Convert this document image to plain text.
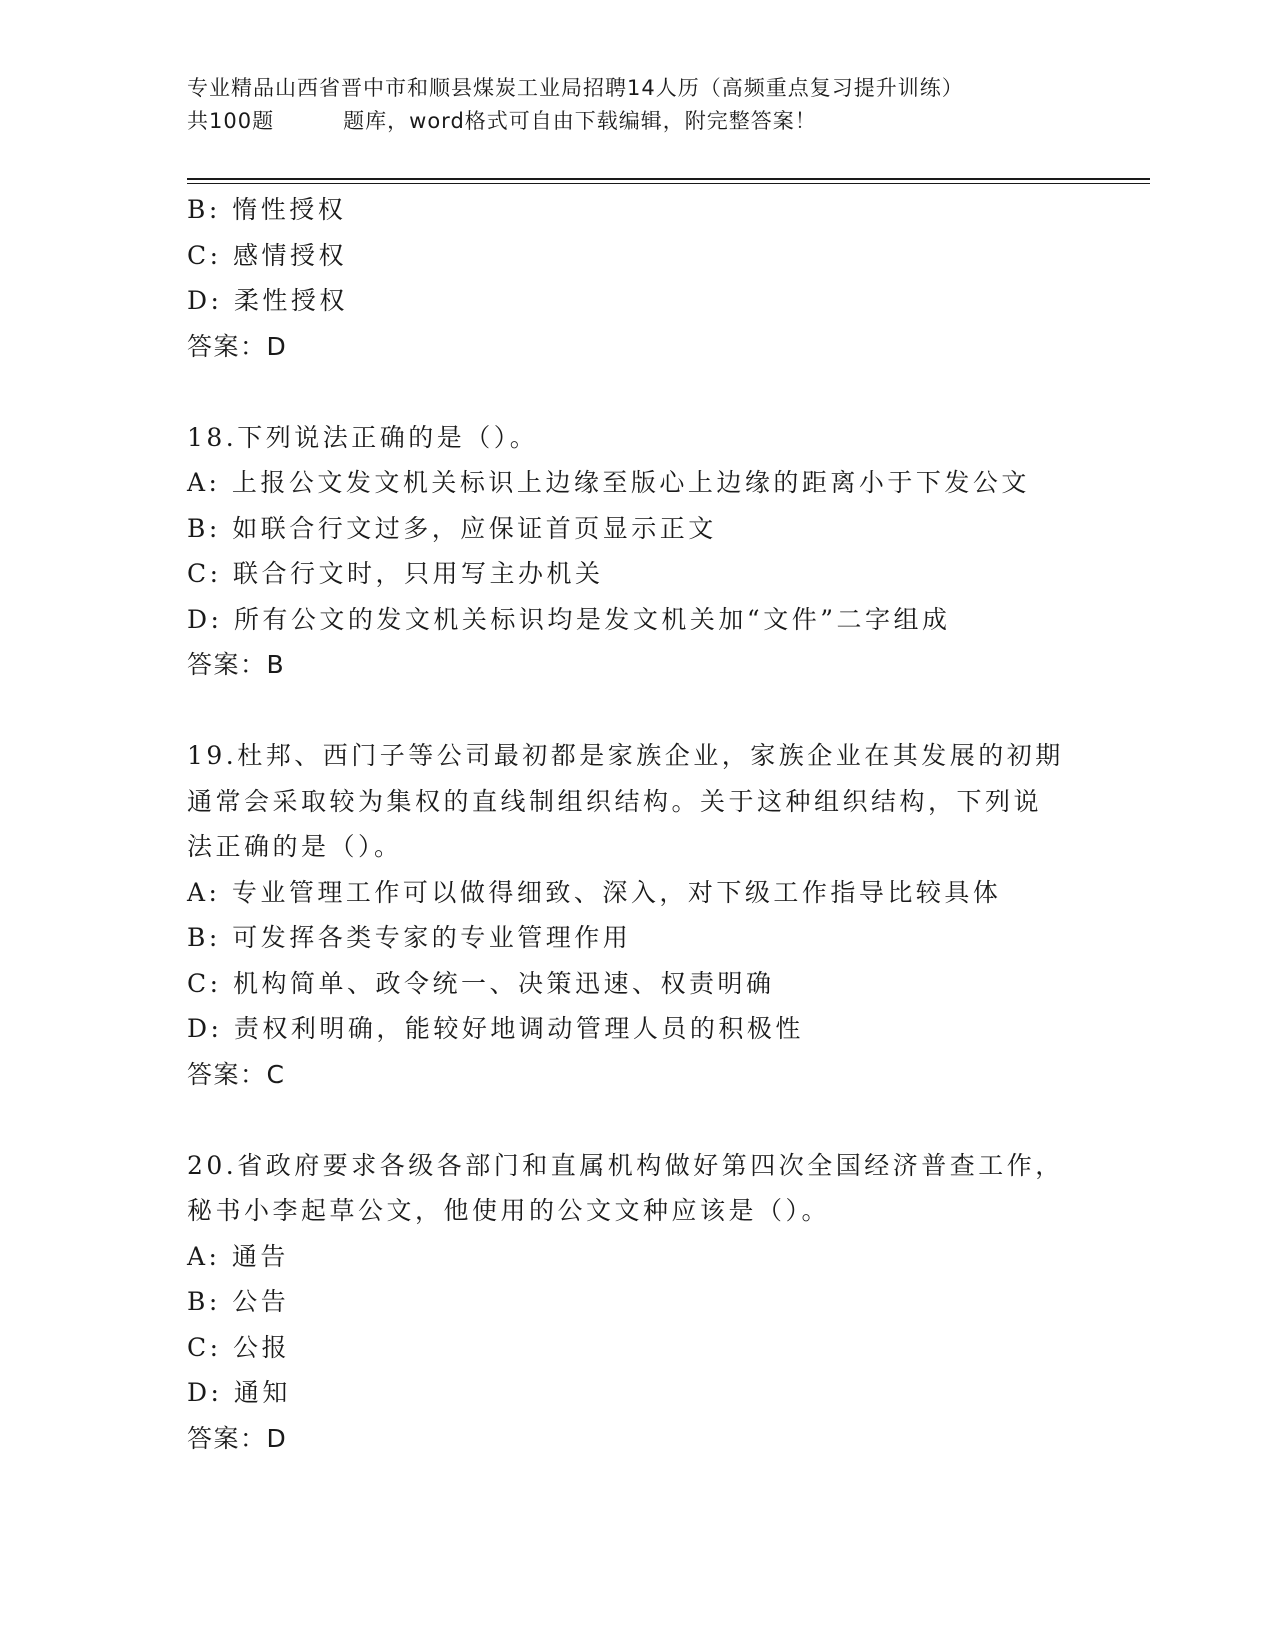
专业精品山西省晋中市和顺县煤炭工业局招聘14人历（高频重点复习提升训练）
共100题         题库，word格式可自由下载编辑，附完整答案！
B: 惰性授权
C: 感情授权
D: 柔性授权
答案：D
18.下列说法正确的是（）。
A: 上报公文发文机关标识上边缘至版心上边缘的距离小于下发公文
B: 如联合行文过多，应保证首页显示正文
C: 联合行文时，只用写主办机关
D: 所有公文的发文机关标识均是发文机关加“文件”二字组成
答案：B
19.杜邦、西门子等公司最初都是家族企业，家族企业在其发展的初期
通常会采取较为集权的直线制组织结构。关于这种组织结构，下列说
法正确的是（）。
A: 专业管理工作可以做得细致、深入，对下级工作指导比较具体
B: 可发挥各类专家的专业管理作用
C: 机构简单、政令统一、决策迅速、权责明确
D: 责权利明确，能较好地调动管理人员的积极性
答案：C
20.省政府要求各级各部门和直属机构做好第四次全国经济普查工作，
秘书小李起草公文，他使用的公文文种应该是（）。
A: 通告
B: 公告
C: 公报
D: 通知
答案：D
